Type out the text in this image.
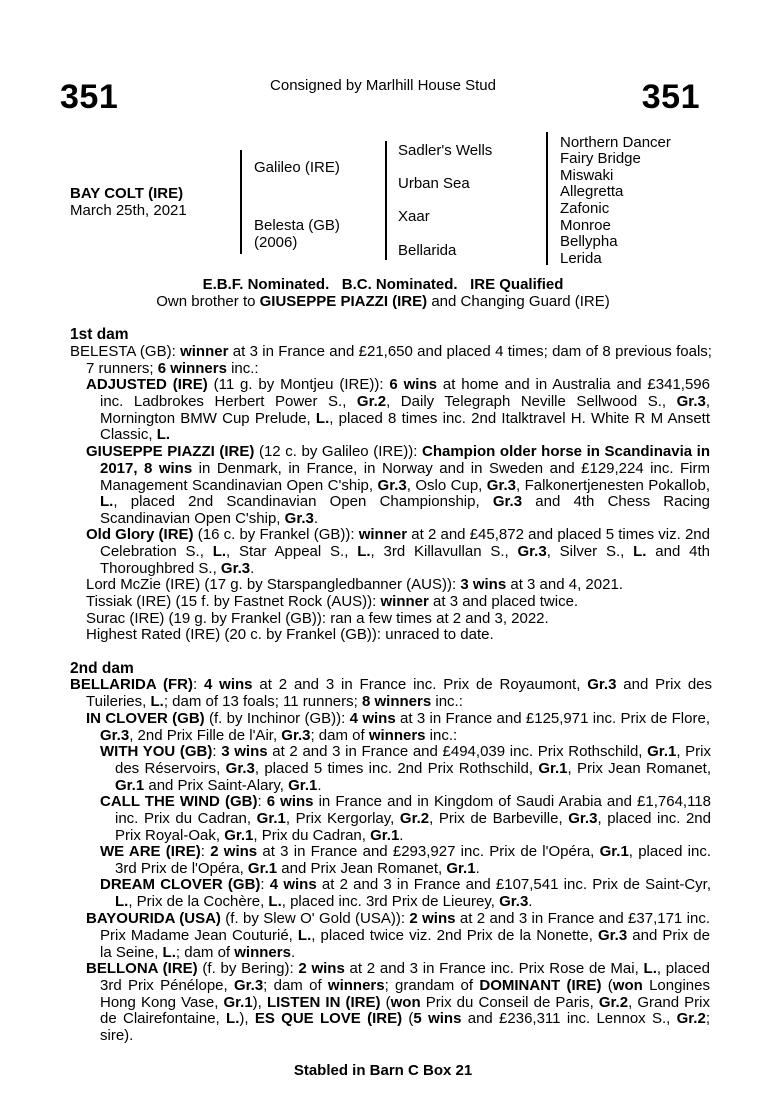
351	351
Consigned by Marlhill House Stud
BAY COLT (IRE)
March 25th, 2021
Galileo (IRE)
Belesta (GB)
(2006)
Sadler's Wells
Urban Sea
Xaar
Bellarida
Northern Dancer
Fairy Bridge
Miswaki
Allegretta
Zafonic
Monroe
Bellypha
Lerida
E.B.F. Nominated.   B.C. Nominated.   IRE Qualified
Own brother to GIUSEPPE PIAZZI (IRE) and Changing Guard (IRE)
1st dam
BELESTA (GB): winner at 3 in France and £21,650 and placed 4 times; dam of 8 previous foals; 7 runners; 6 winners inc.:
ADJUSTED (IRE) (11 g. by Montjeu (IRE)): 6 wins at home and in Australia and £341,596 inc. Ladbrokes Herbert Power S., Gr.2, Daily Telegraph Neville Sellwood S., Gr.3, Mornington BMW Cup Prelude, L., placed 8 times inc. 2nd Italktravel H. White R M Ansett Classic, L.
GIUSEPPE PIAZZI (IRE) (12 c. by Galileo (IRE)): Champion older horse in Scandinavia in 2017, 8 wins in Denmark, in France, in Norway and in Sweden and £129,224 inc. Firm Management Scandinavian Open C'ship, Gr.3, Oslo Cup, Gr.3, Falkonertjenesten Pokallob, L., placed 2nd Scandinavian Open Championship, Gr.3 and 4th Chess Racing Scandinavian Open C'ship, Gr.3.
Old Glory (IRE) (16 c. by Frankel (GB)): winner at 2 and £45,872 and placed 5 times viz. 2nd Celebration S., L., Star Appeal S., L., 3rd Killavullan S., Gr.3, Silver S., L. and 4th Thoroughbred S., Gr.3.
Lord McZie (IRE) (17 g. by Starspangledbanner (AUS)): 3 wins at 3 and 4, 2021.
Tissiak (IRE) (15 f. by Fastnet Rock (AUS)): winner at 3 and placed twice.
Surac (IRE) (19 g. by Frankel (GB)): ran a few times at 2 and 3, 2022.
Highest Rated (IRE) (20 c. by Frankel (GB)): unraced to date.
2nd dam
BELLARIDA (FR): 4 wins at 2 and 3 in France inc. Prix de Royaumont, Gr.3 and Prix des Tuileries, L.; dam of 13 foals; 11 runners; 8 winners inc.:
IN CLOVER (GB) (f. by Inchinor (GB)): 4 wins at 3 in France and £125,971 inc. Prix de Flore, Gr.3, 2nd Prix Fille de l'Air, Gr.3; dam of winners inc.:
WITH YOU (GB): 3 wins at 2 and 3 in France and £494,039 inc. Prix Rothschild, Gr.1, Prix des Réservoirs, Gr.3, placed 5 times inc. 2nd Prix Rothschild, Gr.1, Prix Jean Romanet, Gr.1 and Prix Saint-Alary, Gr.1.
CALL THE WIND (GB): 6 wins in France and in Kingdom of Saudi Arabia and £1,764,118 inc. Prix du Cadran, Gr.1, Prix Kergorlay, Gr.2, Prix de Barbeville, Gr.3, placed inc. 2nd Prix Royal-Oak, Gr.1, Prix du Cadran, Gr.1.
WE ARE (IRE): 2 wins at 3 in France and £293,927 inc. Prix de l'Opéra, Gr.1, placed inc. 3rd Prix de l'Opéra, Gr.1 and Prix Jean Romanet, Gr.1.
DREAM CLOVER (GB): 4 wins at 2 and 3 in France and £107,541 inc. Prix de Saint-Cyr, L., Prix de la Cochère, L., placed inc. 3rd Prix de Lieurey, Gr.3.
BAYOURIDA (USA) (f. by Slew O' Gold (USA)): 2 wins at 2 and 3 in France and £37,171 inc. Prix Madame Jean Couturié, L., placed twice viz. 2nd Prix de la Nonette, Gr.3 and Prix de la Seine, L.; dam of winners.
BELLONA (IRE) (f. by Bering): 2 wins at 2 and 3 in France inc. Prix Rose de Mai, L., placed 3rd Prix Pénélope, Gr.3; dam of winners; grandam of DOMINANT (IRE) (won Longines Hong Kong Vase, Gr.1), LISTEN IN (IRE) (won Prix du Conseil de Paris, Gr.2, Grand Prix de Clairefontaine, L.), ES QUE LOVE (IRE) (5 wins and £236,311 inc. Lennox S., Gr.2; sire).
Stabled in Barn C Box 21
